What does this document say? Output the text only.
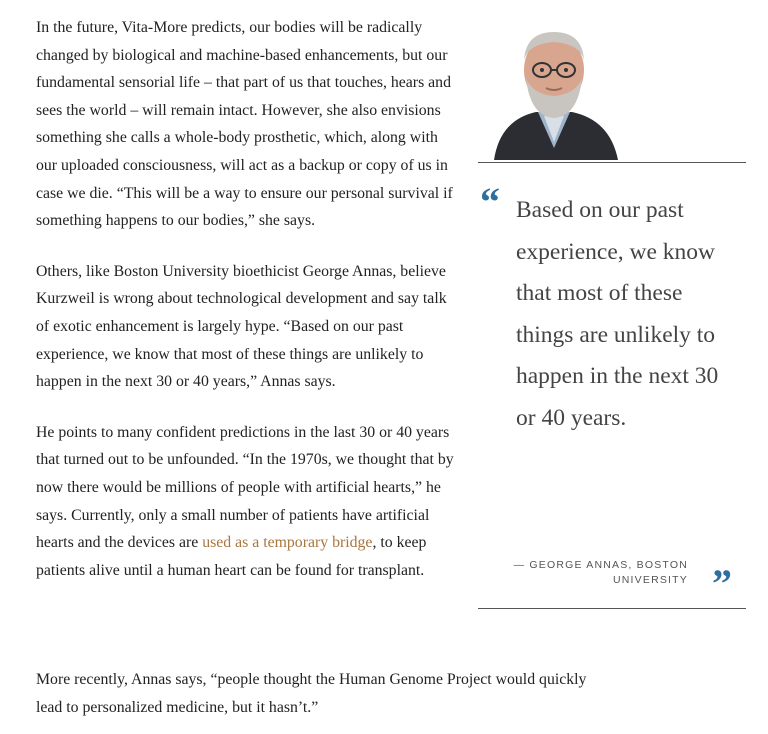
In the future, Vita-More predicts, our bodies will be radically changed by biological and machine-based enhancements, but our fundamental sensorial life – that part of us that touches, hears and sees the world – will remain intact. However, she also envisions something she calls a whole-body prosthetic, which, along with our uploaded consciousness, will act as a backup or copy of us in case we die. “This will be a way to ensure our personal survival if something happens to our bodies,” she says.

Others, like Boston University bioethicist George Annas, believe Kurzweil is wrong about technological development and say talk of exotic enhancement is largely hype. “Based on our past experience, we know that most of these things are unlikely to happen in the next 30 or 40 years,” Annas says.

He points to many confident predictions in the last 30 or 40 years that turned out to be unfounded. “In the 1970s, we thought that by now there would be millions of people with artificial hearts,” he says. Currently, only a small number of patients have artificial hearts and the devices are used as a temporary bridge, to keep patients alive until a human heart can be found for transplant.

More recently, Annas says, “people thought the Human Genome Project would quickly lead to personalized medicine, but it hasn’t.”

“ Based on our past experience, we know that most of these things are unlikely to happen in the next 30 or 40 years.

— GEORGE ANNAS, BOSTON UNIVERSITY ”
